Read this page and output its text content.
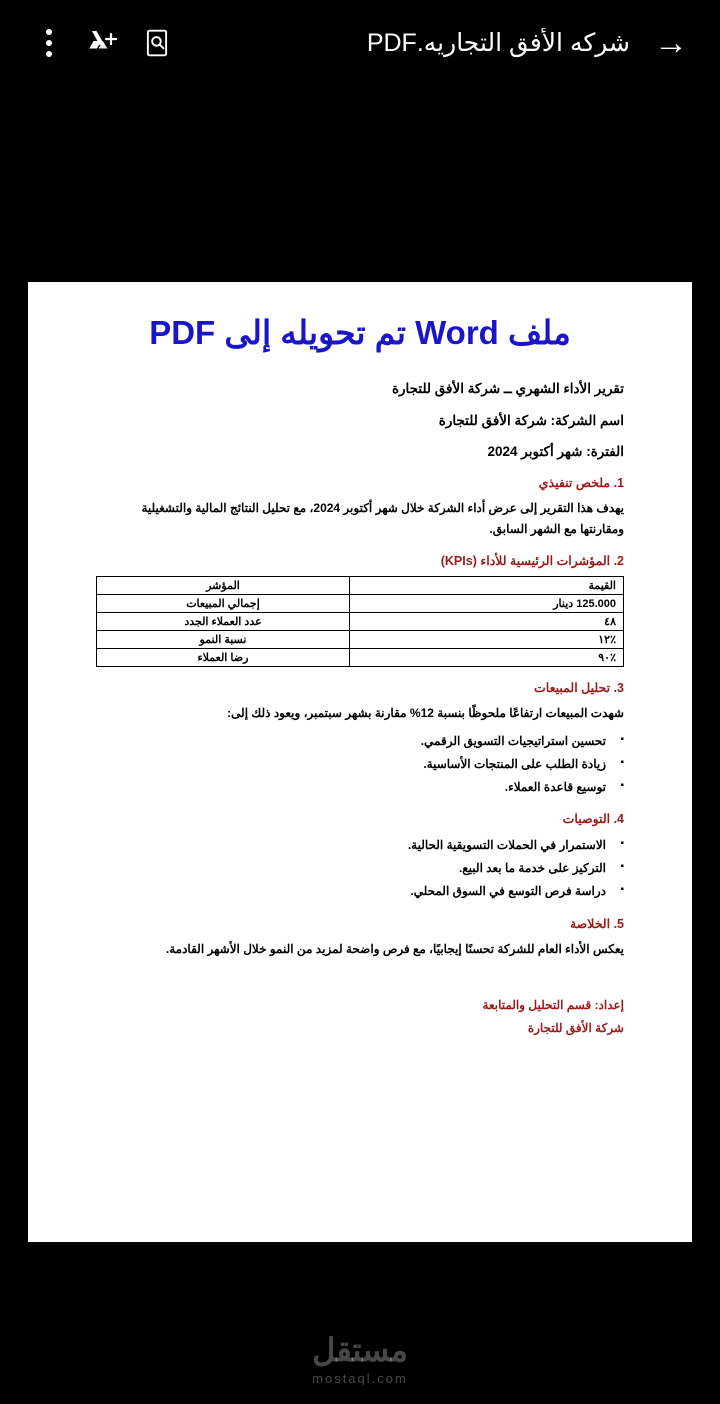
→
شركه الأفق التجاريه.PDF
ملف Word تم تحويله إلى PDF
تقرير الأداء الشهري ــ شركة الأفق للتجارة
اسم الشركة: شركة الأفق للتجارة
الفترة: شهر أكتوبر 2024
1. ملخص تنفيذي
يهدف هذا التقرير إلى عرض أداء الشركة خلال شهر أكتوبر 2024، مع تحليل النتائج المالية والتشغيلية ومقارنتها مع الشهر السابق.
2. المؤشرات الرئيسية للأداء (KPIs)
القيمة	المؤشر
125.000 دينار	إجمالي المبيعات
٤٨	عدد العملاء الجدد
٪١٢	نسبة النمو
٪٩٠	رضا العملاء
3. تحليل المبيعات
شهدت المبيعات ارتفاعًا ملحوظًا بنسبة 12% مقارنة بشهر سبتمبر، ويعود ذلك إلى:
▪ تحسين استراتيجيات التسويق الرقمي.
▪ زيادة الطلب على المنتجات الأساسية.
▪ توسيع قاعدة العملاء.
4. التوصيات
▪ الاستمرار في الحملات التسويقية الحالية.
▪ التركيز على خدمة ما بعد البيع.
▪ دراسة فرص التوسع في السوق المحلي.
5. الخلاصة
يعكس الأداء العام للشركة تحسنًا إيجابيًا، مع فرص واضحة لمزيد من النمو خلال الأشهر القادمة.
إعداد: قسم التحليل والمتابعة
شركة الأفق للتجارة
مستقل
mostaql.com
